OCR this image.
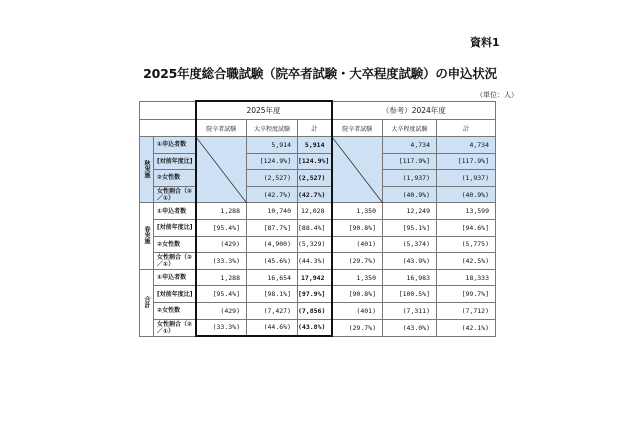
資料1
2025年度総合職試験（院卒者試験・大卒程度試験）の申込状況
（単位：人）
		2025年度			（参考）2024年度		
		院卒者試験	大卒程度試験	計	院卒者試験	大卒程度試験	計
秋実施	①申込者数		5,914	5,914		4,734	4,734
	[対前年度比]		[124.9%]	[124.9%]		[117.9%]	[117.9%]
	②女性数		(2,527)	(2,527)		(1,937)	(1,937)
	女性割合（②／①）		(42.7%)	(42.7%)		(40.9%)	(40.9%)
春実施	①申込者数	1,288	10,740	12,028	1,350	12,249	13,599
	[対前年度比]	[95.4%]	[87.7%]	[88.4%]	[90.8%]	[95.1%]	[94.6%]
	②女性数	(429)	(4,900)	(5,329)	(401)	(5,374)	(5,775)
	女性割合（②／①）	(33.3%)	(45.6%)	(44.3%)	(29.7%)	(43.9%)	(42.5%)
合計	①申込者数	1,288	16,654	17,942	1,350	16,983	18,333
	[対前年度比]	[95.4%]	[98.1%]	[97.9%]	[90.8%]	[100.5%]	[99.7%]
	②女性数	(429)	(7,427)	(7,856)	(401)	(7,311)	(7,712)
	女性割合（②／①）	(33.3%)	(44.6%)	(43.8%)	(29.7%)	(43.0%)	(42.1%)
